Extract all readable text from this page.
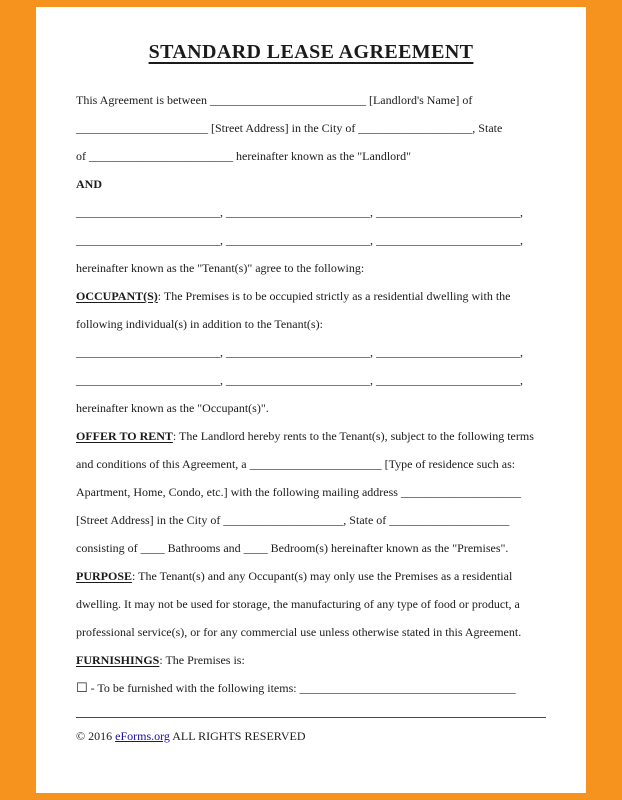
STANDARD LEASE AGREEMENT
This Agreement is between __________________________ [Landlord's Name] of
______________________ [Street Address] in the City of ___________________, State
of ________________________ hereinafter known as the "Landlord"
AND
________________________, ________________________, ________________________,
________________________, ________________________, ________________________,
hereinafter known as the "Tenant(s)" agree to the following:
OCCUPANT(S): The Premises is to be occupied strictly as a residential dwelling with the
following individual(s) in addition to the Tenant(s):
________________________, ________________________, ________________________,
________________________, ________________________, ________________________,
hereinafter known as the "Occupant(s)".
OFFER TO RENT: The Landlord hereby rents to the Tenant(s), subject to the following terms
and conditions of this Agreement, a ______________________ [Type of residence such as:
Apartment, Home, Condo, etc.] with the following mailing address ____________________
[Street Address] in the City of ____________________, State of ____________________
consisting of ____ Bathrooms and ____ Bedroom(s) hereinafter known as the "Premises".
PURPOSE: The Tenant(s) and any Occupant(s) may only use the Premises as a residential
dwelling. It may not be used for storage, the manufacturing of any type of food or product, a
professional service(s), or for any commercial use unless otherwise stated in this Agreement.
FURNISHINGS: The Premises is:
☐ - To be furnished with the following items: ____________________________________
© 2016 eForms.org ALL RIGHTS RESERVED
